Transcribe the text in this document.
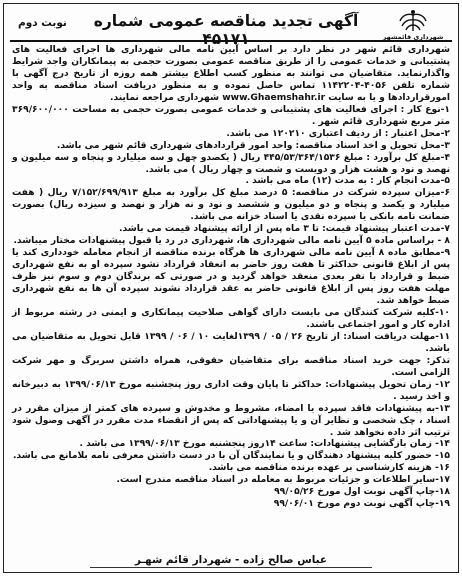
شهرداری قائمشهر
آگهی تجدید مناقصه عمومی شماره ۴۵۱۷۱
نوبت دوم

شهرداری قائم شهر در نظر دارد بر اساس آیین نامه مالی شهرداری ها اجرای فعالیت های پشتیبانی و خدمات عمومی را از طریق مناقصه عمومی بصورت حجمی به پیمانکاران واجد شرایط واگذارنماید. متقاضیان می توانند به منظور کسب اطلاع بیشتر همه روزه از تاریخ درج آگهی با شماره تلفن ۴۰۵۶-۱۱۴۲۲۰۴ تماس حاصل نموده و به منظور دریافت اسناد مناقصه به واحد امورقراردادها و یا به سایت www.Ghaemshahr.ir شهرداری مراجعه نمایند.

۱-نوع کار : اجرای فعالیت های پشتیبانی و خدمات عمومی بصورت حجمی به مساحت ۳۶۹/۶۰۰/۰۰۰ متر مربع شهرداری قائم شهر .

۲-محل اعتبار : از ردیف اعتباری ۱۲۰۲۱۰ می باشد.

۳-محل تحویل و اخذ اسناد مناقصه: واحد امور قراردادهای شهرداری قائم شهر می باشد.

۴-مبلغ کل برآورد : مبلغ ۴۴۵/۵۳/۳۶۴/۱۵۳۶ ریال ( یکصدو چهل و سه میلیارد و پنجاه و سه میلیون و نهصد و نود و هشت هزار و دویست و شصت و چهار ریال ) می باشد.

۵-مدت انجام کار : به مدت (۱۲) ماه می باشد .

۶-میزان سپرده شرکت در مناقصه: ۵ درصد مبلغ کل برآورد به مبلغ ۷/۱۵۲/۶۹۹/۹۱۳ ریال ( هفت میلیارد و یکصد و پنجاه و دو میلیون و ششصد و نود و نه هزار و نهصد و سیزده ریال) بصورت ضمانت نامه بانکی یا سپرده نقدی یا اسناد خزانه می باشد.

۷-مدت اعتبار پیشنهاد قیمت: تا ۳ ماه پس از ارائه پیشنهاد قیمت می باشد.

۸ - براساس ماده ۵ آیین نامه مالی شهرداری ها، شهرداری در رد یا قبول پیشنهادات مختار میباشد.

۹-مطابق ماده ۸ آیین نامه مالی شهرداری ها هرگاه برنده مناقصه از انجام معامله خودداری کند یا پس از ابلاغ قانونی حداکثر تا هفت روز حاضر به انعقاد قرارداد نشود سپرده او به نفع شهرداری ضبط و قرارداد با نفر بعدی منعقد خواهد گردید و در صورتی که برندگان دوم و سوم نیز ظرف مهلت هفت روز پس از ابلاغ قانونی حاضر به عقد قرارداد نشوند سپرده آن ها به نفع شهرداری ضبط خواهد شد.

۱۰-کلیه شرکت کنندگان می بایست دارای گواهی صلاحیت پیمانکاری و ایمنی در رشته مربوط از اداره کار و امور اجتماعی باشند.

۱۱-مهلت دریافت اسناد: از تاریخ ۲۶ / ۰۵ / ۱۳۹۹لغایت ۱۰ / ۰۶ / ۱۳۹۹ قابل تحویل به متقاضیان می باشد.

تذکر: جهت خرید اسناد مناقصه برای متقاضیان حقوقی، همراه داشتن سربرگ و مهر شرکت الزامی است.

۱۲- زمان تحویل پیشنهادات: حداکثر تا پایان وقت اداری روز پنجشنبه مورخ ۱۳۹۹/۰۶/۱۳ به دبیرخانه و اخذ رسید .

۱۳-به پیشنهادات فاقد سپرده یا امضاء، مشروط و مخدوش و سپرده های کمتر از میزان مقرر در اسناد ، چک شخصی و نظایر آن و یا پیشنهاداتی که پس از انقضاء مدت مقرر در آگهی وصول شود ترتیب اثر داده نخواهد شد .

۱۴- زمان بازگشایی پیشنهادات: ساعت ۱۴روز پنجشنبه مورخ ۱۳۹۹/۰۶/۱۳ می باشد .

۱۵- حضور کلیه پیشنهاد دهندگان و یا نمایندگان آن با در دست داشتن معرفی نامه بلامانع می باشد.

۱۶- هزینه کارشناسی بر عهده برنده مناقصه می باشد.

۱۷-سایر اطلاعات و جزئیات مربوط به معامله در اسناد مناقصه مندرج است.

۱۸-چاپ آگهی نوبت اول مورخ ۹۹/۰۵/۲۶

۱۹-چاپ آگهی نوبت دوم مورخ ۹۹/۰۶/۰۱

عباس صالح زاده - شهردار قائم شهـر
